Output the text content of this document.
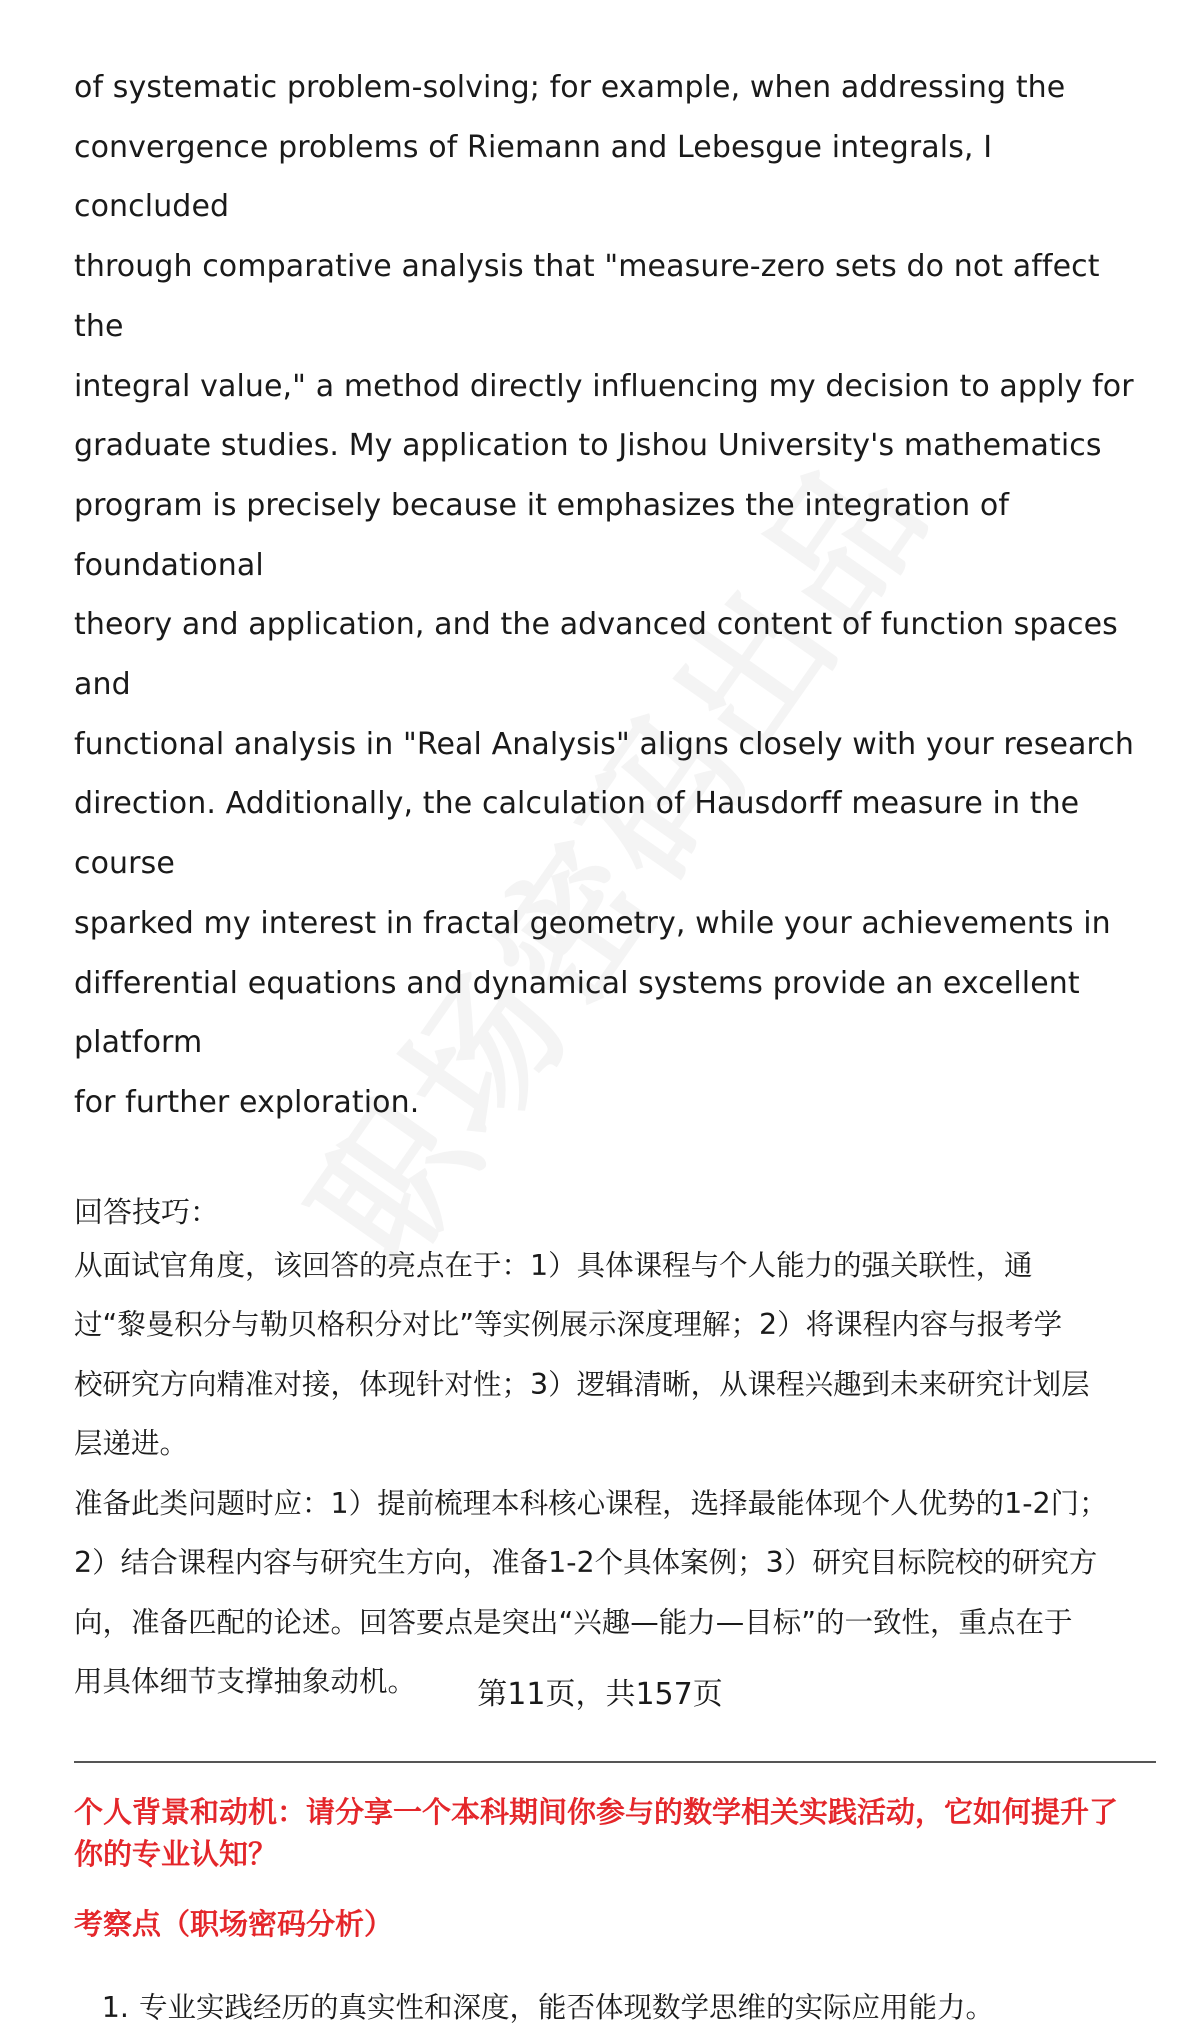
of systematic problem-solving; for example, when addressing the
convergence problems of Riemann and Lebesgue integrals, I concluded
through comparative analysis that "measure-zero sets do not affect the
integral value," a method directly influencing my decision to apply for
graduate studies. My application to Jishou University's mathematics
program is precisely because it emphasizes the integration of foundational
theory and application, and the advanced content of function spaces and
functional analysis in "Real Analysis" aligns closely with your research
direction. Additionally, the calculation of Hausdorff measure in the course
sparked my interest in fractal geometry, while your achievements in
differential equations and dynamical systems provide an excellent platform
for further exploration.
回答技巧：
从面试官角度，该回答的亮点在于：1）具体课程与个人能力的强关联性，通
过“黎曼积分与勒贝格积分对比”等实例展示深度理解；2）将课程内容与报考学
校研究方向精准对接，体现针对性；3）逻辑清晰，从课程兴趣到未来研究计划层
层递进。
准备此类问题时应：1）提前梳理本科核心课程，选择最能体现个人优势的1-2门；
2）结合课程内容与研究生方向，准备1-2个具体案例；3）研究目标院校的研究方
向，准备匹配的论述。回答要点是突出“兴趣—能力—目标”的一致性，重点在于
用具体细节支撑抽象动机。
个人背景和动机：请分享一个本科期间你参与的数学相关实践活动，它如何提升了
你的专业认知？
考察点（职场密码分析）
1. 专业实践经历的真实性和深度，能否体现数学思维的实际应用能力。
第11页，共157页
